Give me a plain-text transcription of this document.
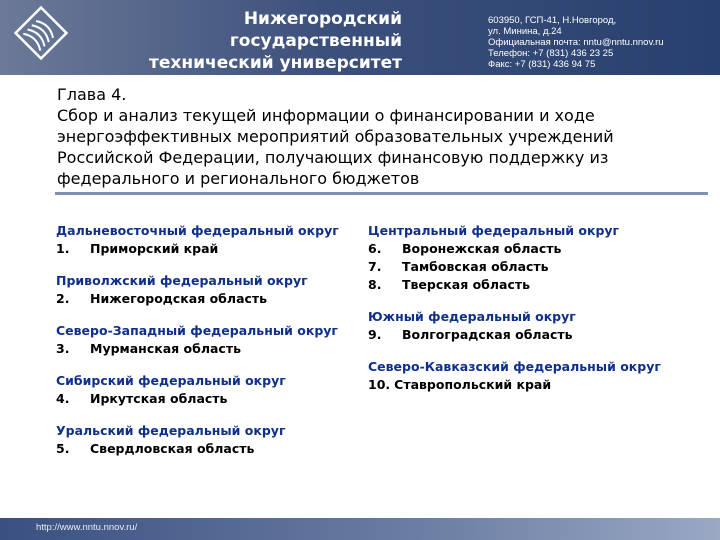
Нижегородский государственный
технический университет
им. Р.Е. Алексеева
603950, ГСП-41, Н.Новгород,
ул. Минина, д.24
Официальная почта: nntu@nntu.nnov.ru
Телефон: +7 (831) 436 23 25
Факс: +7 (831) 436 94 75
Глава 4.
Сбор и анализ текущей информации о финансировании и ходе
энергоэффективных мероприятий образовательных учреждений
Российской Федерации, получающих финансовую поддержку из
федерального и регионального бюджетов
Дальневосточный федеральный округ
1.	Приморский край
Приволжский федеральный округ
2.	Нижегородская область
Северо-Западный федеральный округ
3.	Мурманская область
Сибирский федеральный округ
4.	Иркутская область
Уральский федеральный округ
5.	Свердловская область
Центральный федеральный округ
6.	Воронежская область
7.	Тамбовская область
8.	Тверская область
Южный федеральный округ
9.	Волгоградская область
Северо-Кавказский федеральный округ
10. Ставропольский край
http://www.nntu.nnov.ru/
